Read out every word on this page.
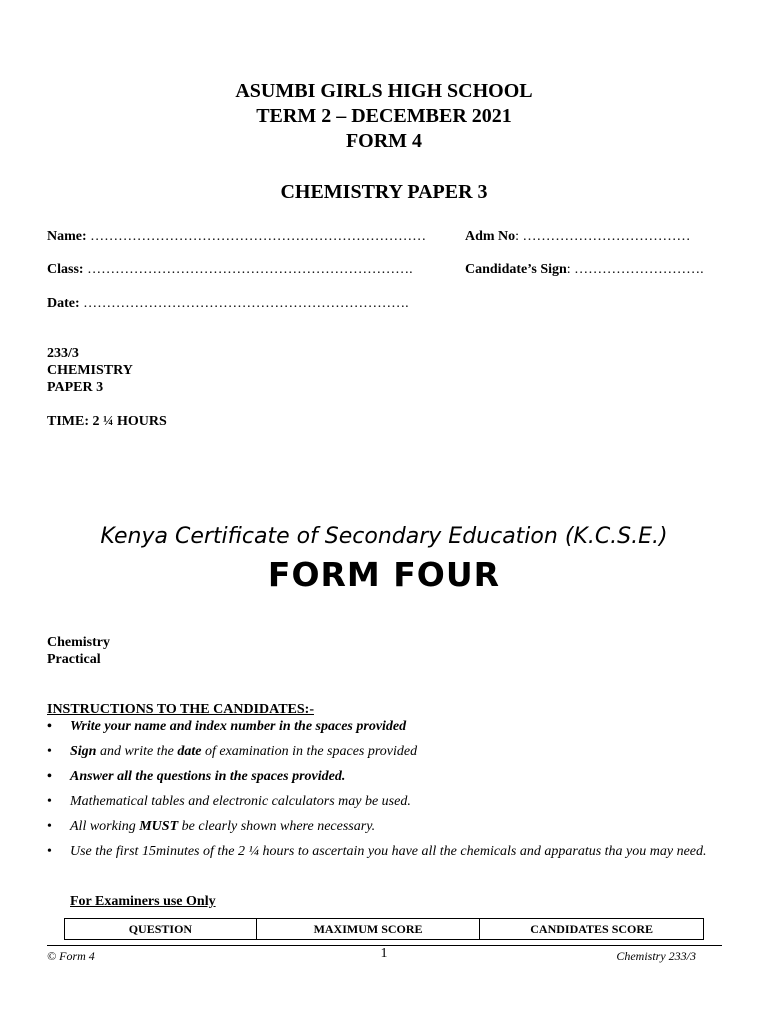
ASUMBI GIRLS HIGH SCHOOL
TERM 2 – DECEMBER 2021
FORM 4
CHEMISTRY PAPER 3
Name: ………………………………………………………………	Adm No: ………………………………
Class: …………………………………………………………….	Candidate’s Sign: ……………………….
Date: …………………………………………………………….
233/3
CHEMISTRY
PAPER 3
TIME: 2 ¼ HOURS
Kenya Certificate of Secondary Education (K.C.S.E.)
FORM FOUR
Chemistry
Practical
INSTRUCTIONS TO THE CANDIDATES:-
• Write your name and index number in the spaces provided
• Sign and write the date of examination in the spaces provided
• Answer all the questions in the spaces provided.
• Mathematical tables and electronic calculators may be used.
• All working MUST be clearly shown where necessary.
• Use the first 15minutes of the 2 ¼ hours to ascertain you have all the chemicals and apparatus tha you may need.
For Examiners use Only
QUESTION	MAXIMUM SCORE	CANDIDATES SCORE
© Form 4	1	Chemistry 233/3
